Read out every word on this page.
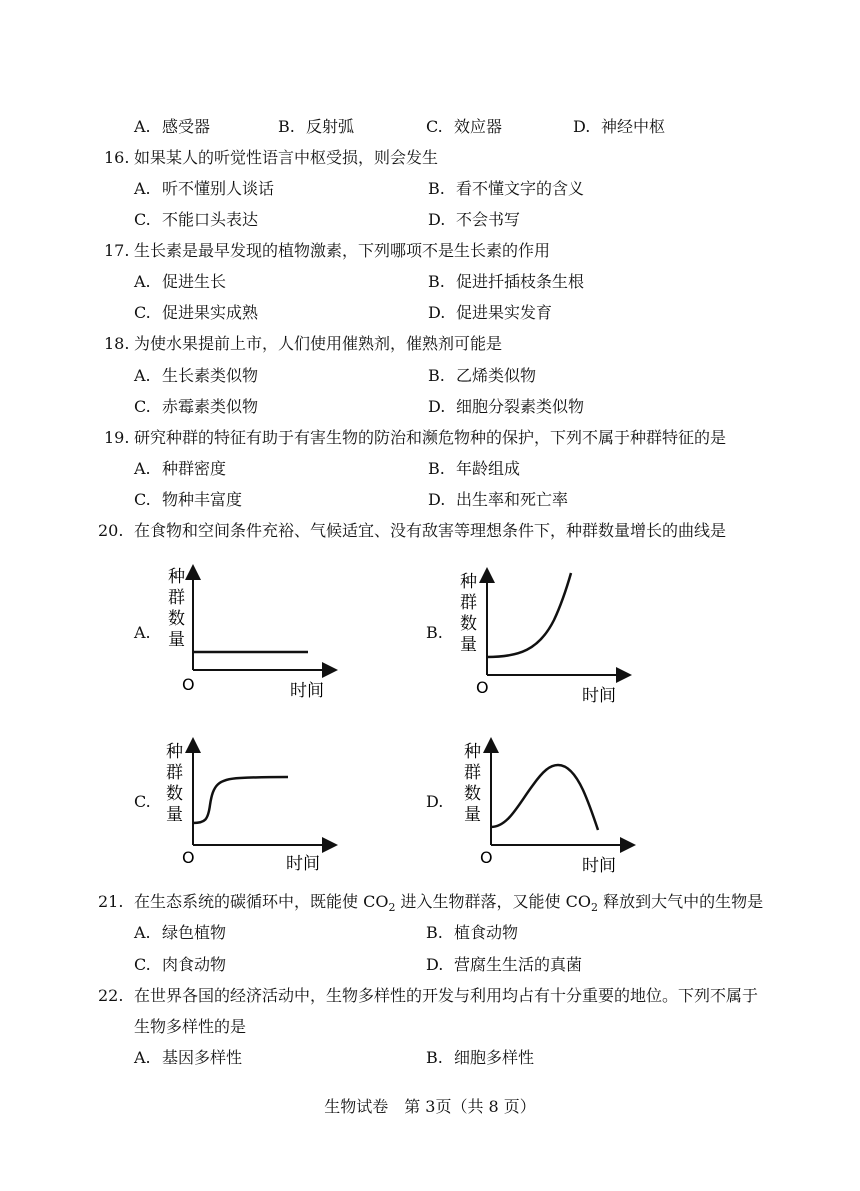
A. 感受器	B. 反射弧	C. 效应器	D. 神经中枢
16. 如果某人的听觉性语言中枢受损，则会发生
A. 听不懂别人谈话	B. 看不懂文字的含义
C. 不能口头表达	D. 不会书写
17. 生长素是最早发现的植物激素，下列哪项不是生长素的作用
A. 促进生长	B. 促进扦插枝条生根
C. 促进果实成熟	D. 促进果实发育
18. 为使水果提前上市，人们使用催熟剂，催熟剂可能是
A. 生长素类似物	B. 乙烯类似物
C. 赤霉素类似物	D. 细胞分裂素类似物
19. 研究种群的特征有助于有害生物的防治和濒危物种的保护，下列不属于种群特征的是
A. 种群密度	B. 年龄组成
C. 物种丰富度	D. 出生率和死亡率
20. 在食物和空间条件充裕、气候适宜、没有敌害等理想条件下，种群数量增长的曲线是
A.	B.
C.	D.
种
群
数
量
O	时间
种
群
数
量
O	时间
种
群
数
量
O	时间
种
群
数
量
O	时间
21. 在生态系统的碳循环中，既能使 $CO_2$ 进入生物群落，又能使 $CO_2$ 释放到大气中的生物是
A. 绿色植物	B. 植食动物
C. 肉食动物	D. 营腐生生活的真菌
22. 在世界各国的经济活动中，生物多样性的开发与利用均占有十分重要的地位。下列不属于
生物多样性的是
A. 基因多样性	B. 细胞多样性
生物试卷　第 3页（共 8 页）
